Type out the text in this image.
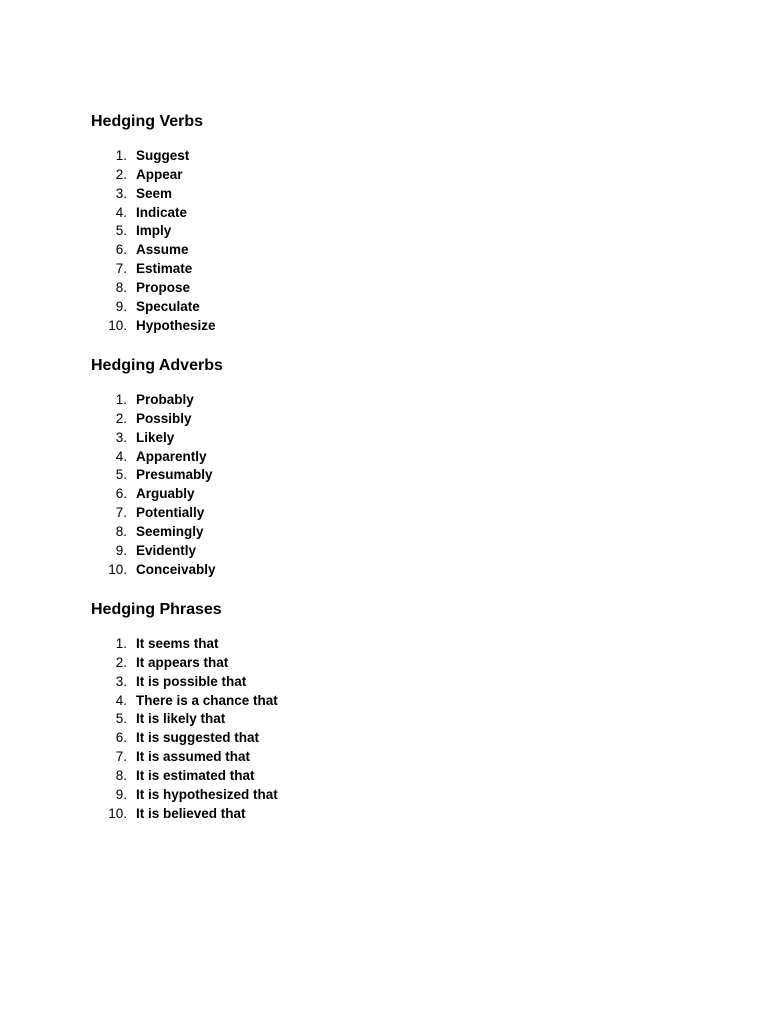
Hedging Verbs
1. Suggest
2. Appear
3. Seem
4. Indicate
5. Imply
6. Assume
7. Estimate
8. Propose
9. Speculate
10. Hypothesize
Hedging Adverbs
1. Probably
2. Possibly
3. Likely
4. Apparently
5. Presumably
6. Arguably
7. Potentially
8. Seemingly
9. Evidently
10. Conceivably
Hedging Phrases
1. It seems that
2. It appears that
3. It is possible that
4. There is a chance that
5. It is likely that
6. It is suggested that
7. It is assumed that
8. It is estimated that
9. It is hypothesized that
10. It is believed that
